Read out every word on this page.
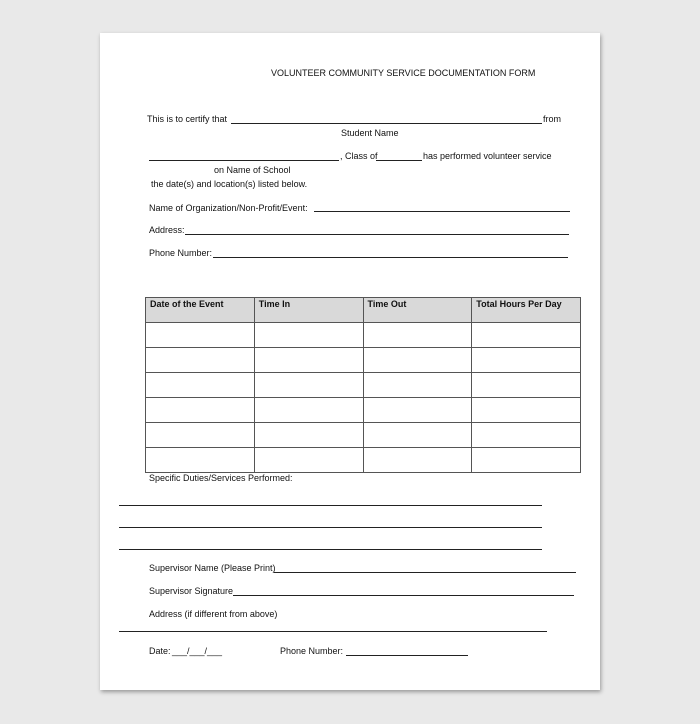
VOLUNTEER COMMUNITY SERVICE DOCUMENTATION FORM
This is to certify that	from
Student Name
, Class of	has performed volunteer service
on Name of School
the date(s) and location(s) listed below.
Name of Organization/Non-Profit/Event:
Address:
Phone Number:
Date of the Event	Time In	Time Out	Total Hours Per Day

Specific Duties/Services Performed:
Supervisor Name (Please Print)
Supervisor Signature
Address (if different from above)
Date: ___/___/___	Phone Number:
